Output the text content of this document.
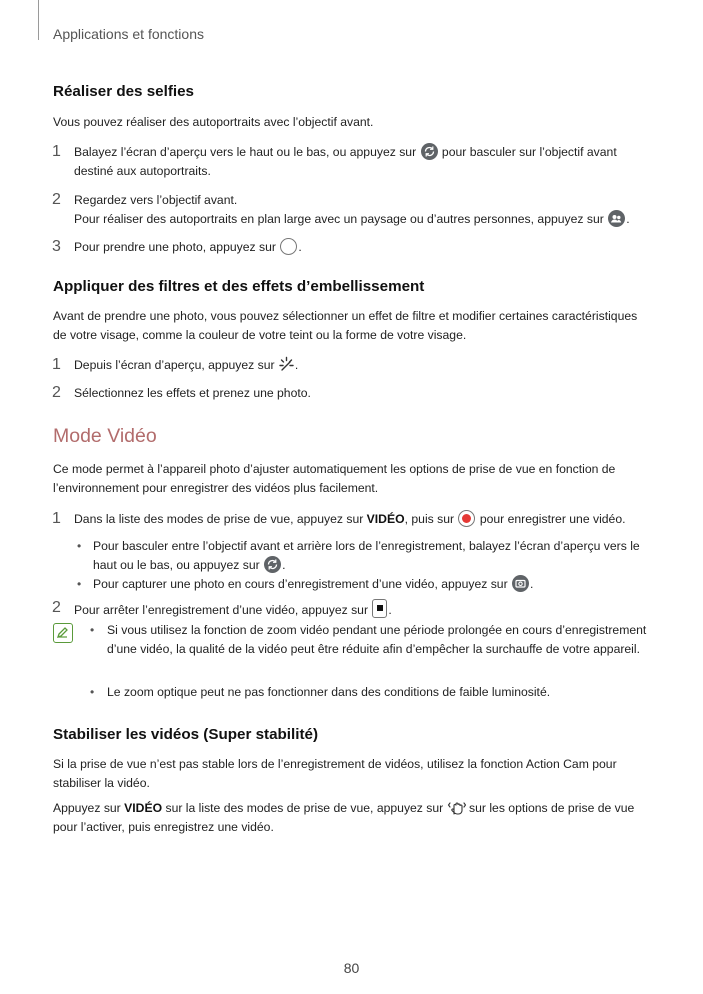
Applications et fonctions
Réaliser des selfies

Vous pouvez réaliser des autoportraits avec l’objectif avant.

1 Balayez l’écran d’aperçu vers le haut ou le bas, ou appuyez sur pour basculer sur l’objectif avant
destiné aux autoportraits.

2 Regardez vers l’objectif avant.
Pour réaliser des autoportraits en plan large avec un paysage ou d’autres personnes, appuyez sur .

3 Pour prendre une photo, appuyez sur .

Appliquer des filtres et des effets d’embellissement

Avant de prendre une photo, vous pouvez sélectionner un effet de filtre et modifier certaines caractéristiques de votre visage, comme la couleur de votre teint ou la forme de votre visage.

1 Depuis l’écran d’aperçu, appuyez sur .

2 Sélectionnez les effets et prenez une photo.

Mode Vidéo

Ce mode permet à l’appareil photo d’ajuster automatiquement les options de prise de vue en fonction de l’environnement pour enregistrer des vidéos plus facilement.

1 Dans la liste des modes de prise de vue, appuyez sur VIDÉO, puis sur pour enregistrer une vidéo.

• Pour basculer entre l’objectif avant et arrière lors de l’enregistrement, balayez l’écran d’aperçu vers le haut ou le bas, ou appuyez sur .

• Pour capturer une photo en cours d’enregistrement d’une vidéo, appuyez sur .

2 Pour arrêter l’enregistrement d’une vidéo, appuyez sur .

• Si vous utilisez la fonction de zoom vidéo pendant une période prolongée en cours d’enregistrement d’une vidéo, la qualité de la vidéo peut être réduite afin d’empêcher la surchauffe de votre appareil.

• Le zoom optique peut ne pas fonctionner dans des conditions de faible luminosité.

Stabiliser les vidéos (Super stabilité)

Si la prise de vue n’est pas stable lors de l’enregistrement de vidéos, utilisez la fonction Action Cam pour stabiliser la vidéo.

Appuyez sur VIDÉO sur la liste des modes de prise de vue, appuyez sur sur les options de prise de vue pour l’activer, puis enregistrez une vidéo.

80
